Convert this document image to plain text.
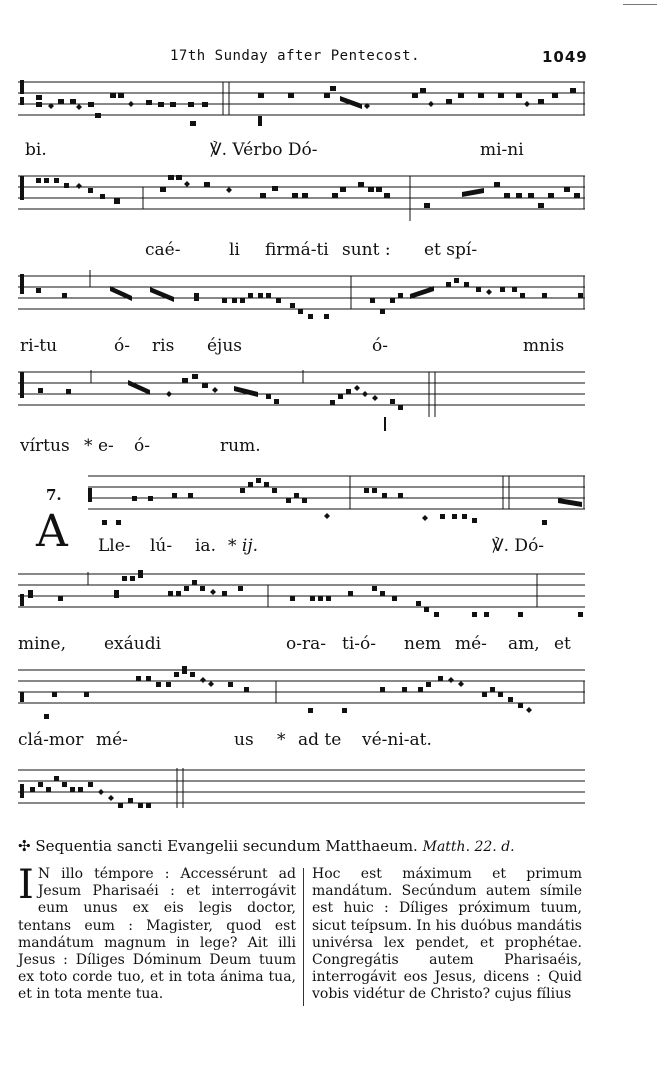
17th Sunday after Pentecost.	1049
bi.	℣. Vérbo Dó-	mi-ni
caé-	li firmá-ti sunt : et spí-
ri-tu	ó- ris éjus	ó-	mnis
vírtus * e- ó-	rum.
7.
A Lle- lú- ia. * ij.	℣. Dó-
mine, exáudi	o-ra- ti-ó- nem mé- am, et
clá-mor mé-	us * ad te vé-ni-at.
✣ Sequentia sancti Evangelii secundum Matthaeum. Matth. 22. d.
I N illo témpore : Accessérunt ad Jesum Pharisaéi : et interrogávit eum unus ex eis legis doctor, tentans eum : Magister, quod est mandátum magnum in lege? Ait illi Jesus : Díliges Dóminum Deum tuum ex toto corde tuo, et in tota ánima tua, et in tota mente tua.
Hoc est máximum et primum mandátum. Secúndum autem símile est huic : Díliges próximum tuum, sicut teípsum. In his duóbus mandátis univérsa lex pendet, et prophétae. Congregátis autem Pharisaéis, interrogávit eos Jesus, dicens : Quid vobis vidétur de Christo? cujus fílius
